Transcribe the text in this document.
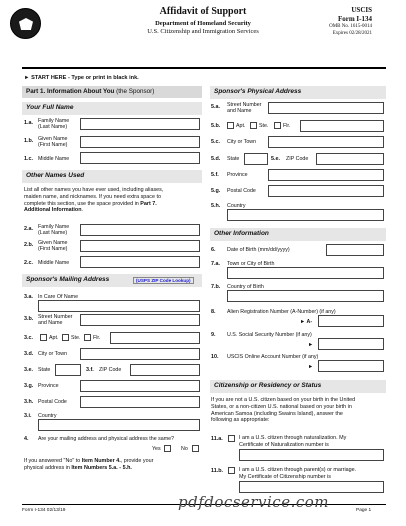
Affidavit of Support
Department of Homeland Security
U.S. Citizenship and Immigration Services
USCIS
Form I-134
OMB No. 1615-0014
Expires 02/28/2021
► START HERE - Type or print in black ink.
Part 1. Information About You (the Sponsor)
Your Full Name
1.a. Family Name
(Last Name)
1.b. Given Name
(First Name)
1.c. Middle Name
Other Names Used
List all other names you have ever used, including aliases,
maiden name, and nicknames. If you need extra space to
complete this section, use the space provided in Part 7.
Additional Information.
2.a. Family Name
(Last Name)
2.b. Given Name
(First Name)
2.c. Middle Name
Sponsor's Mailing Address	(USPS ZIP Code Lookup)
3.a. In Care Of Name
3.b. Street Number
and Name
3.c.	Apt. Ste. Flr.
3.d. City or Town
3.e. State	3.f. ZIP Code
3.g. Province
3.h. Postal Code
3.i. Country
4. Are your mailing address and physical address the same?
Yes	No
If you answered "No" to Item Number 4., provide your
physical address in Item Numbers 5.a. - 5.h.
Sponsor's Physical Address
5.a. Street Number
and Name
5.b.	Apt.	Ste.	Flr.
5.c. City or Town
5.d. State	5.e. ZIP Code
5.f. Province
5.g. Postal Code
5.h. Country
Other Information
6. Date of Birth (mm/dd/yyyy)
7.a. Town or City of Birth
7.b. Country of Birth
8. Alien Registration Number (A-Number) (if any)
► A-
9. U.S. Social Security Number (if any)
►
10. USCIS Online Account Number (if any)
►
Citizenship or Residency or Status
If you are not a U.S. citizen based on your birth in the United
States, or a non-citizen U.S. national based on your birth in
American Samoa (including Swains Island), answer the
following as appropriate:
11.a.	I am a U.S. citizen through naturalization. My
Certificate of Naturalization number is
11.b.	I am a U.S. citizen through parent(s) or marriage.
My Certificate of Citizenship number is
Form I-134 02/13/19	Page 1
pdfdocservice.com
